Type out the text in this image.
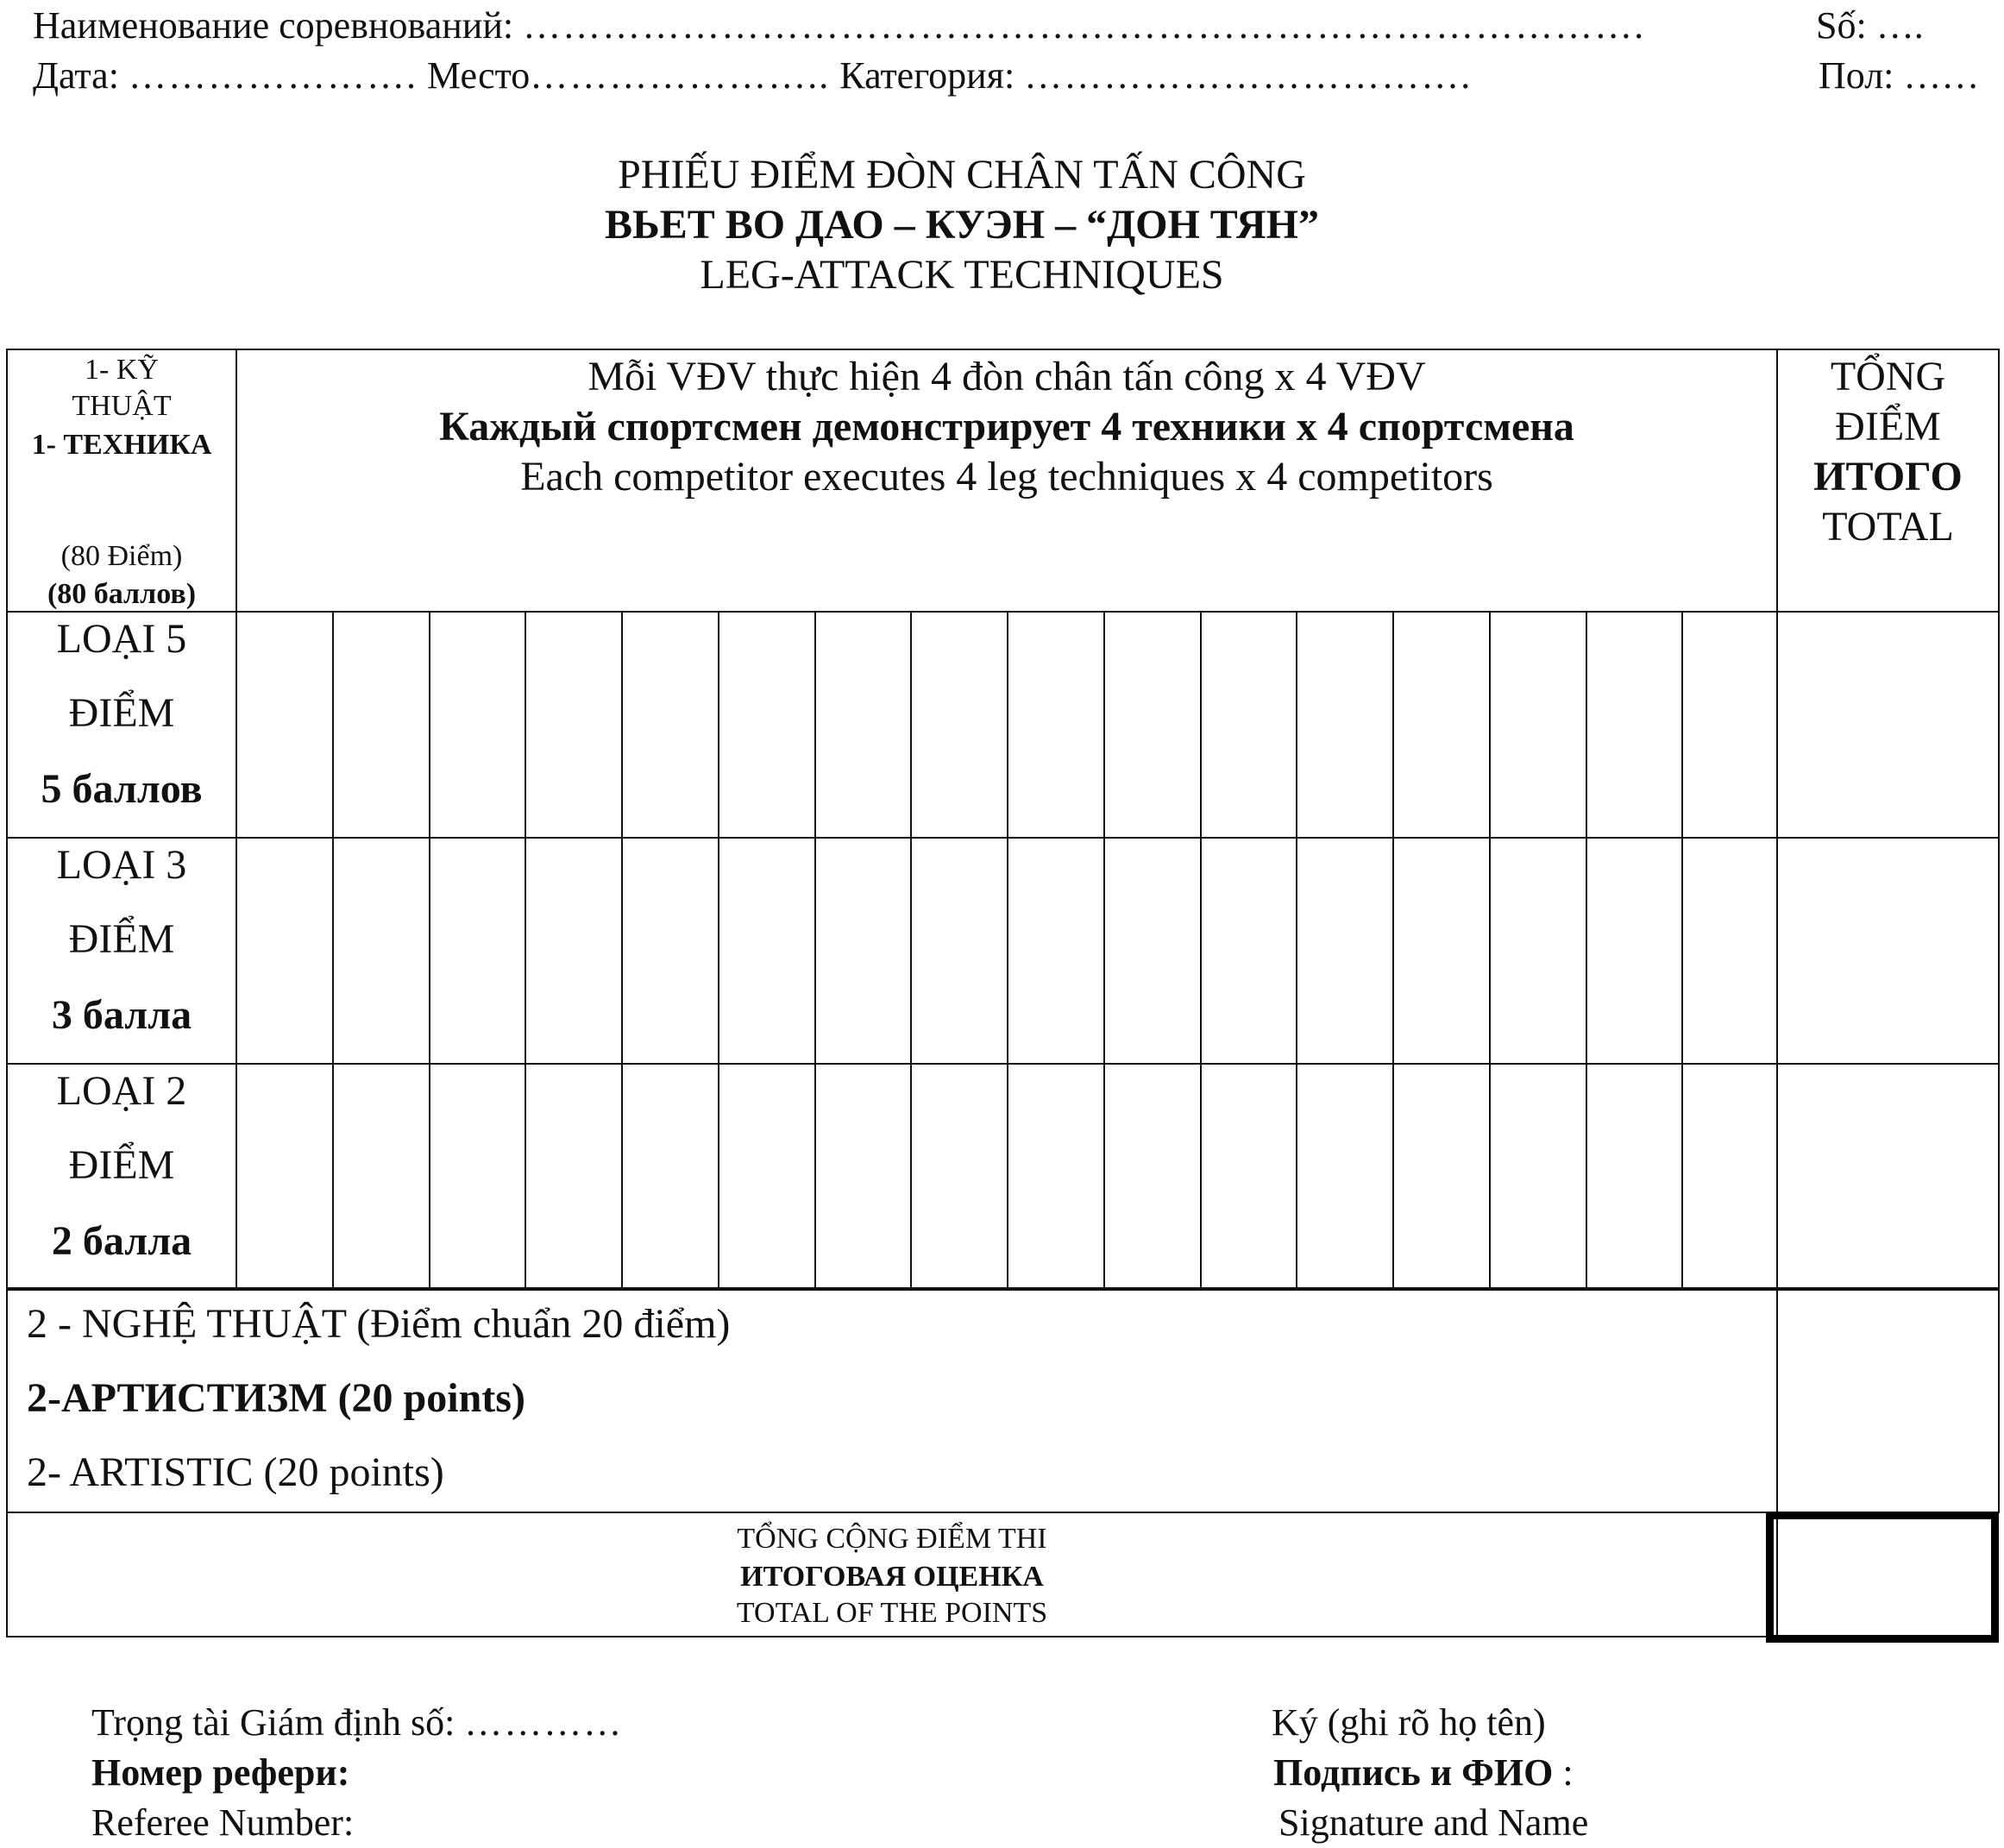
Наименование соревнований: ………………………………………………………………………….	Số: ….
Дата: …………………. Место………………….. Категория: …………………………….	Пол: ……
PHIẾU ĐIỂM ĐÒN CHÂN TẤN CÔNG
ВЬЕТ ВО ДАО – КУЭН – “ДОН ТЯН”
LEG-ATTACK TECHNIQUES
1- KỸ THUẬT
1- ТЕХНИКА
(80 Điểm)
(80 баллов)
Mỗi VĐV thực hiện 4 đòn chân tấn công x 4 VĐV
Каждый спортсмен демонстрирует 4 техники х 4 спортсмена
Each competitor executes 4 leg techniques x 4 competitors
TỔNG ĐIỂM
ИТОГО
TOTAL
LOẠI 5
ĐIỂM
5 баллов
LOẠI 3
ĐIỂM
3 балла
LOẠI 2
ĐIỂM
2 балла
2 - NGHỆ THUẬT (Điểm chuẩn 20 điểm)
2-АРТИСТИЗМ (20 points)
2- ARTISTIC (20 points)
TỔNG CỘNG ĐIỂM THI
ИТОГОВАЯ ОЦЕНКА
TOTAL OF THE POINTS
Trọng tài Giám định số: …………
Номер рефери:
Referee Number:
Ký (ghi rõ họ tên)
Подпись и ФИО :
Signature and Name
